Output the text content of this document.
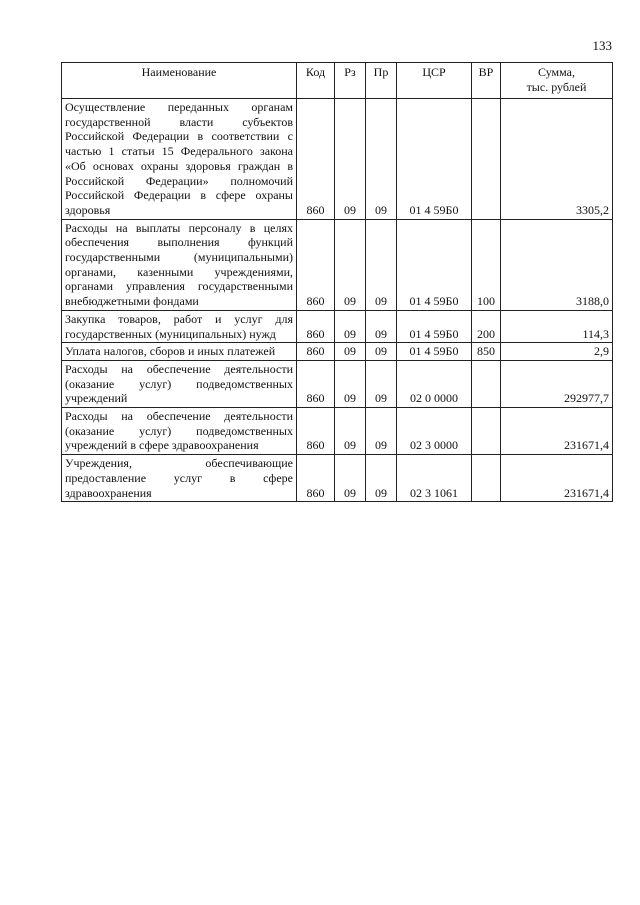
133
Наименование	Код	Рз	Пр	ЦСР	ВР	Сумма,
тыс. рублей
Осуществление переданных органам государственной власти субъектов Российской Федерации в соответствии с частью 1 статьи 15 Федерального закона «Об основах охраны здоровья граждан в Российской Федерации» полномочий Российской Федерации в сфере охраны здоровья	860	09	09	01 4 59Б0		3305,2
Расходы на выплаты персоналу в целях обеспечения выполнения функций государственными (муниципальными) органами, казенными учреждениями, органами управления государственными внебюджетными фондами	860	09	09	01 4 59Б0	100	3188,0
Закупка товаров, работ и услуг для государственных (муниципальных) нужд	860	09	09	01 4 59Б0	200	114,3
Уплата налогов, сборов и иных платежей	860	09	09	01 4 59Б0	850	2,9
Расходы на обеспечение деятельности (оказание услуг) подведомственных учреждений	860	09	09	02 0 0000		292977,7
Расходы на обеспечение деятельности (оказание услуг) подведомственных учреждений в сфере здравоохранения	860	09	09	02 3 0000		231671,4
Учреждения, обеспечивающие предоставление услуг в сфере здравоохранения	860	09	09	02 3 1061		231671,4
